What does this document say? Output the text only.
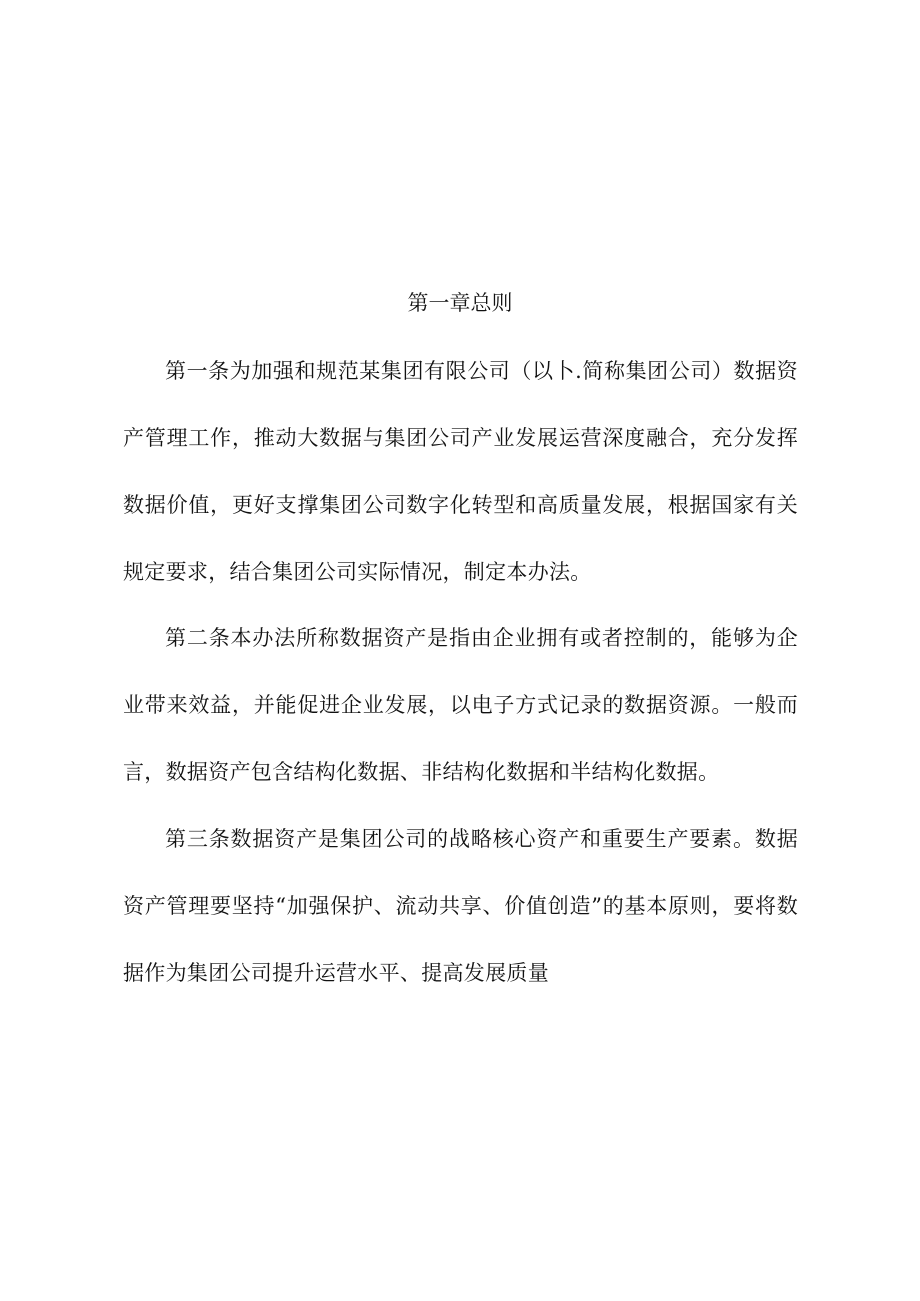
第一章总则

第一条为加强和规范某集团有限公司（以卜.简称集团公司）数据资产管理工作，推动大数据与集团公司产业发展运营深度融合，充分发挥数据价值，更好支撑集团公司数字化转型和高质量发展，根据国家有关规定要求，结合集团公司实际情况，制定本办法。

第二条本办法所称数据资产是指由企业拥有或者控制的，能够为企业带来效益，并能促进企业发展，以电子方式记录的数据资源。一般而言，数据资产包含结构化数据、非结构化数据和半结构化数据。

第三条数据资产是集团公司的战略核心资产和重要生产要素。数据资产管理要坚持“加强保护、流动共享、价值创造”的基本原则，要将数据作为集团公司提升运营水平、提高发展质量
